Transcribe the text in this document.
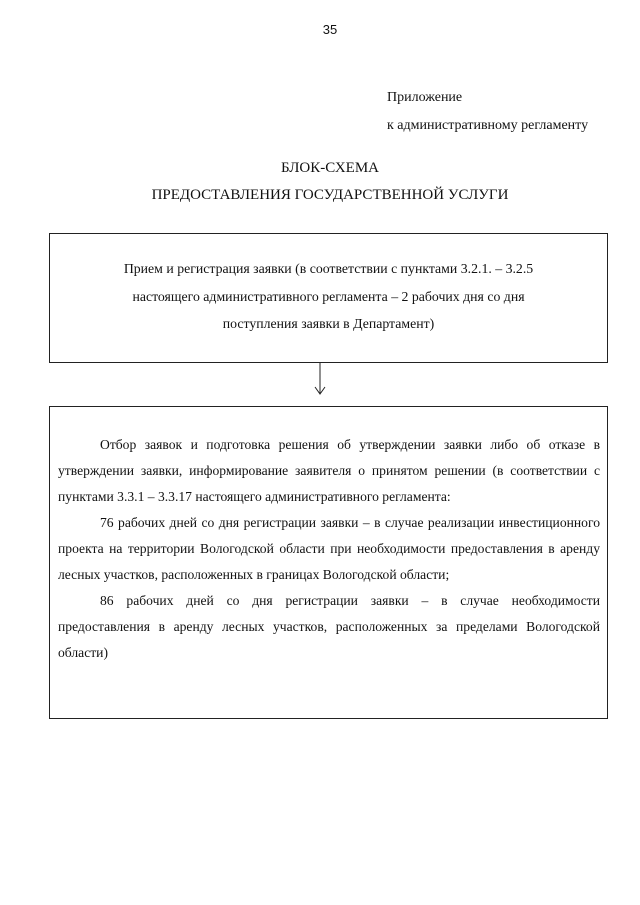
35
Приложение
к административному регламенту
БЛОК-СХЕМА
ПРЕДОСТАВЛЕНИЯ ГОСУДАРСТВЕННОЙ УСЛУГИ
Прием и регистрация заявки (в соответствии с пунктами 3.2.1. – 3.2.5
настоящего административного регламента – 2 рабочих дня со дня
поступления заявки в Департамент)

Отбор заявок и подготовка решения об утверждении заявки либо об отказе в утверждении заявки, информирование заявителя о принятом решении (в соответствии с пунктами 3.3.1 – 3.3.17 настоящего административного регламента:

76 рабочих дней со дня регистрации заявки – в случае реализации инвестиционного проекта на территории Вологодской области при необходимости предоставления в аренду лесных участков, расположенных в границах Вологодской области;

86 рабочих дней со дня регистрации заявки – в случае необходимости предоставления в аренду лесных участков, расположенных за пределами Вологодской области)
